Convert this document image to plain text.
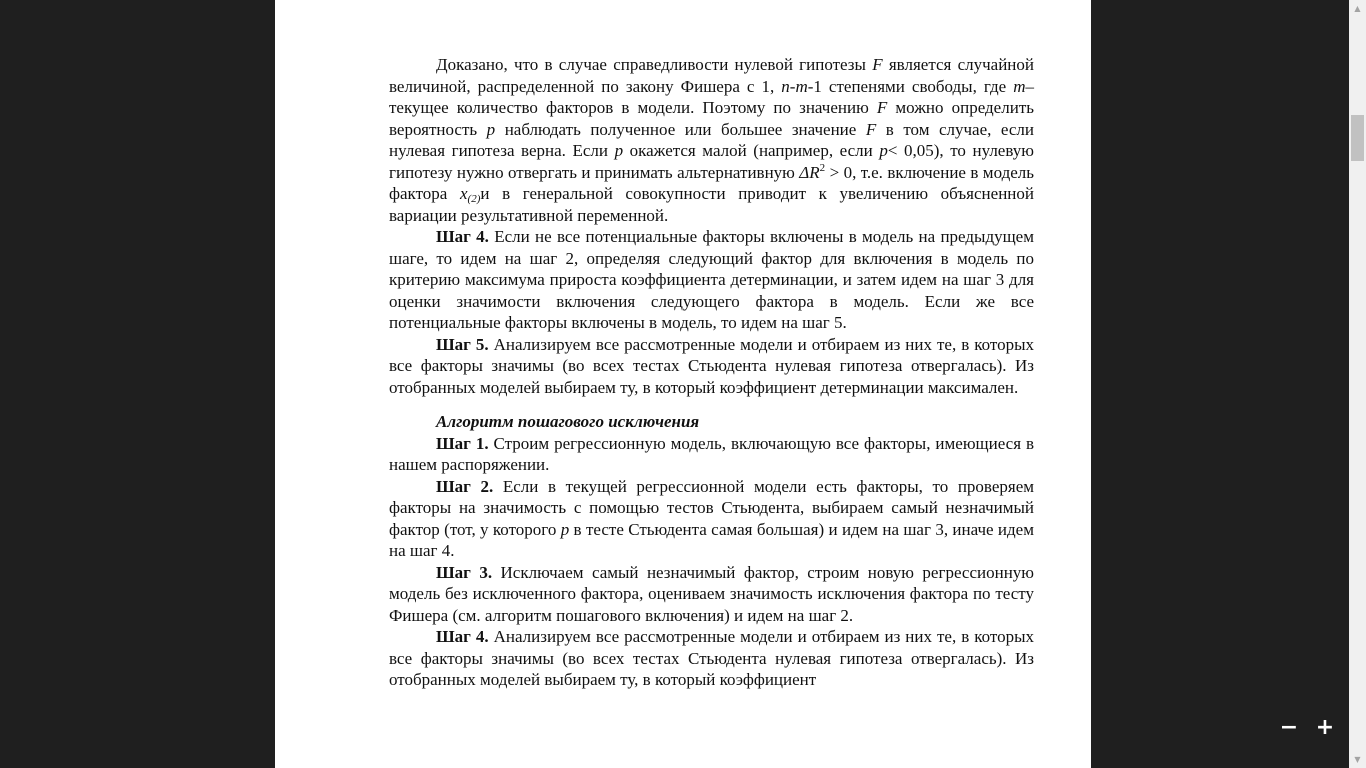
Доказано, что в случае справедливости нулевой гипотезы F является случайной величиной, распределенной по закону Фишера с 1, n-m-1 степенями свободы, где m– текущее количество факторов в модели. Поэтому по значению F можно определить вероятность p наблюдать полученное или большее значение F в том случае, если нулевая гипотеза верна. Если p окажется малой (например, если p< 0,05), то нулевую гипотезу нужно отвергать и принимать альтернативную $\Delta R^2 > 0$, т.е. включение в модель фактора $x_{(2)}и$ в генеральной совокупности приводит к увеличению объясненной вариации результативной переменной.

Шаг 4. Если не все потенциальные факторы включены в модель на предыдущем шаге, то идем на шаг 2, определяя следующий фактор для включения в модель по критерию максимума прироста коэффициента детерминации, и затем идем на шаг 3 для оценки значимости включения следующего фактора в модель. Если же все потенциальные факторы включены в модель, то идем на шаг 5.

Шаг 5. Анализируем все рассмотренные модели и отбираем из них те, в которых все факторы значимы (во всех тестах Стьюдента нулевая гипотеза отвергалась). Из отобранных моделей выбираем ту, в который коэффициент детерминации максимален.

Алгоритм пошагового исключения

Шаг 1. Строим регрессионную модель, включающую все факторы, имеющиеся в нашем распоряжении.

Шаг 2. Если в текущей регрессионной модели есть факторы, то проверяем факторы на значимость с помощью тестов Стьюдента, выбираем самый незначимый фактор (тот, у которого p в тесте Стьюдента самая большая) и идем на шаг 3, иначе идем на шаг 4.

Шаг 3. Исключаем самый незначимый фактор, строим новую регрессионную модель без исключенного фактора, оцениваем значимость исключения фактора по тесту Фишера (см. алгоритм пошагового включения) и идем на шаг 2.

Шаг 4. Анализируем все рассмотренные модели и отбираем из них те, в которых все факторы значимы (во всех тестах Стьюдента нулевая гипотеза отвергалась). Из отобранных моделей выбираем ту, в который коэффициент

▲
▼
− +
